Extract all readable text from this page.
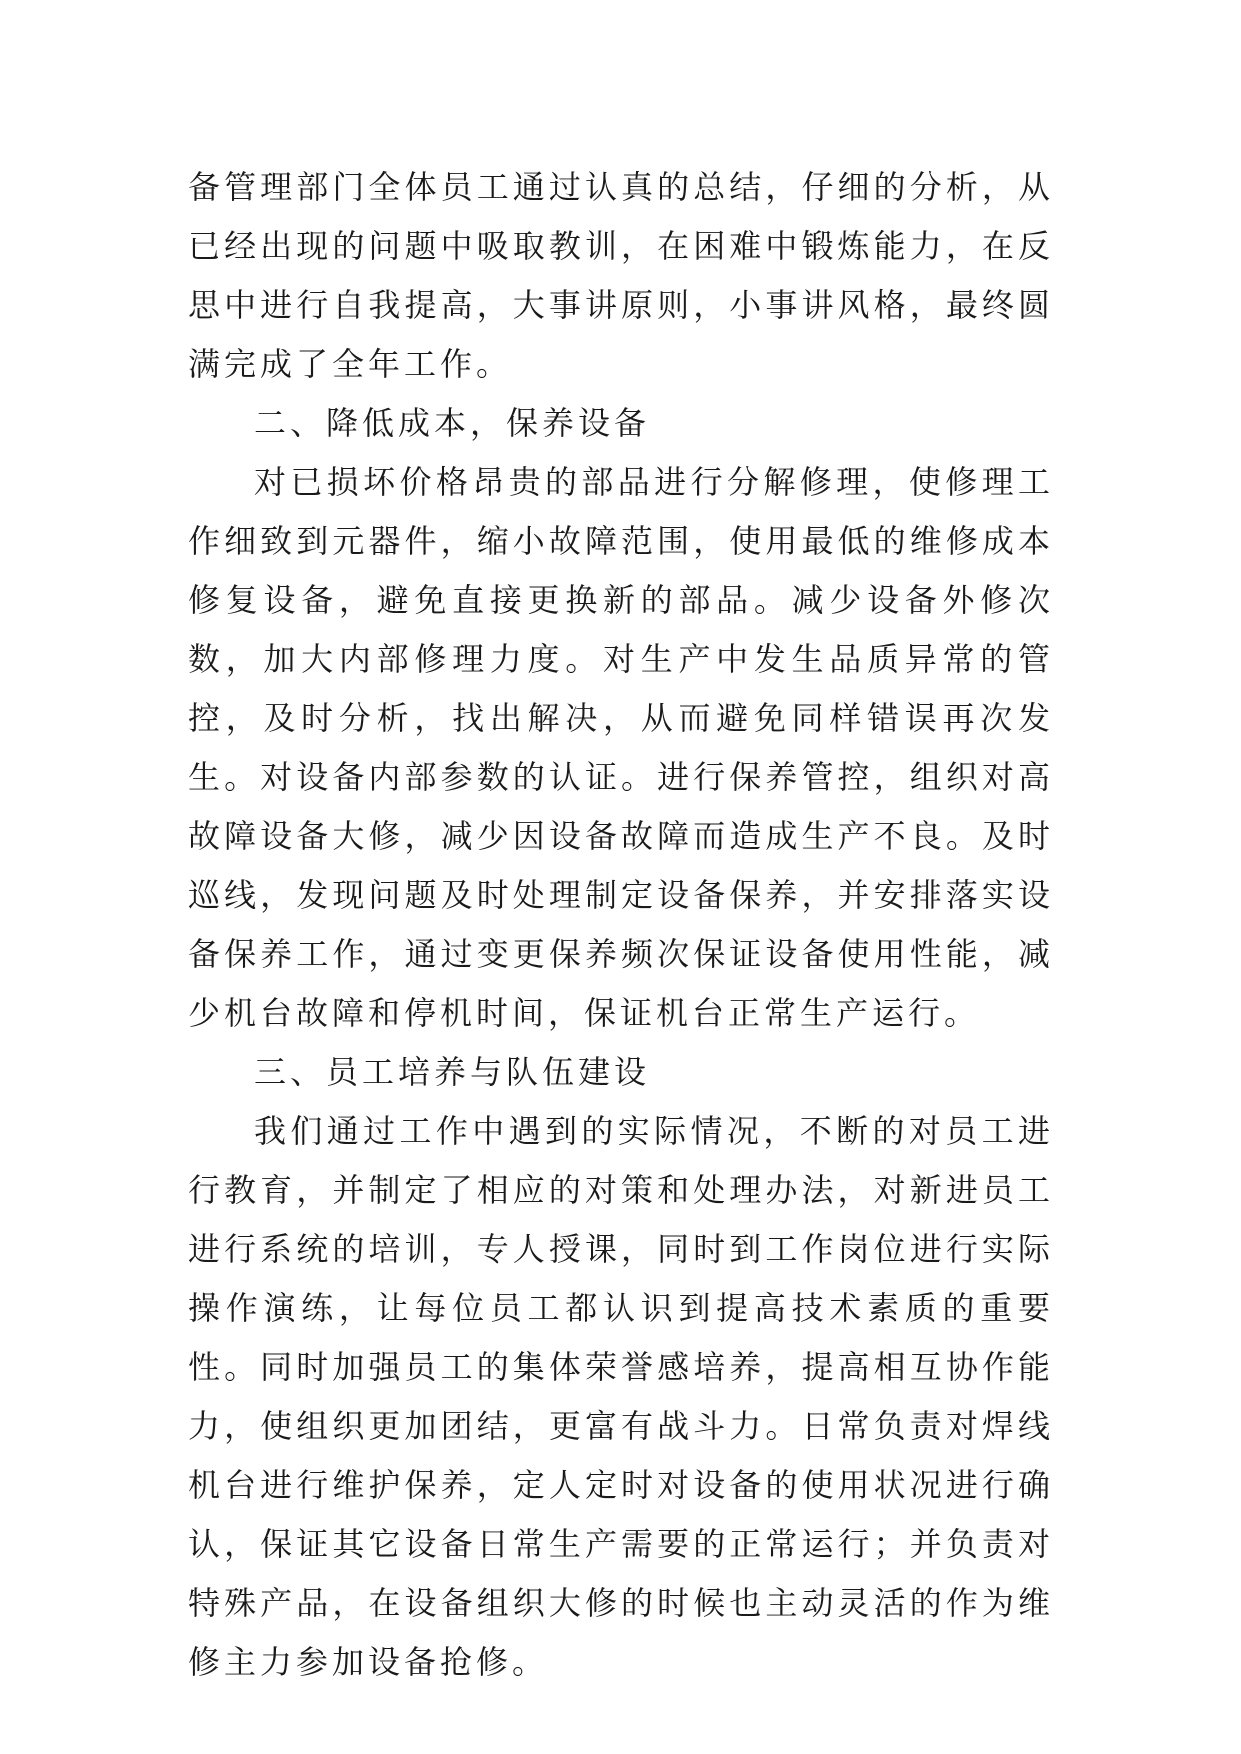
备管理部门全体员工通过认真的总结，仔细的分析，从已经出现的问题中吸取教训，在困难中锻炼能力，在反思中进行自我提高，大事讲原则，小事讲风格，最终圆满完成了全年工作。

二、降低成本，保养设备

对已损坏价格昂贵的部品进行分解修理，使修理工作细致到元器件，缩小故障范围，使用最低的维修成本修复设备，避免直接更换新的部品。减少设备外修次数，加大内部修理力度。对生产中发生品质异常的管控，及时分析，找出解决，从而避免同样错误再次发生。对设备内部参数的认证。进行保养管控，组织对高故障设备大修，减少因设备故障而造成生产不良。及时巡线，发现问题及时处理制定设备保养，并安排落实设备保养工作，通过变更保养频次保证设备使用性能，减少机台故障和停机时间，保证机台正常生产运行。

三、员工培养与队伍建设

我们通过工作中遇到的实际情况，不断的对员工进行教育，并制定了相应的对策和处理办法，对新进员工进行系统的培训，专人授课，同时到工作岗位进行实际操作演练，让每位员工都认识到提高技术素质的重要性。同时加强员工的集体荣誉感培养，提高相互协作能力，使组织更加团结，更富有战斗力。日常负责对焊线机台进行维护保养，定人定时对设备的使用状况进行确认，保证其它设备日常生产需要的正常运行；并负责对特殊产品，在设备组织大修的时候也主动灵活的作为维修主力参加设备抢修。
